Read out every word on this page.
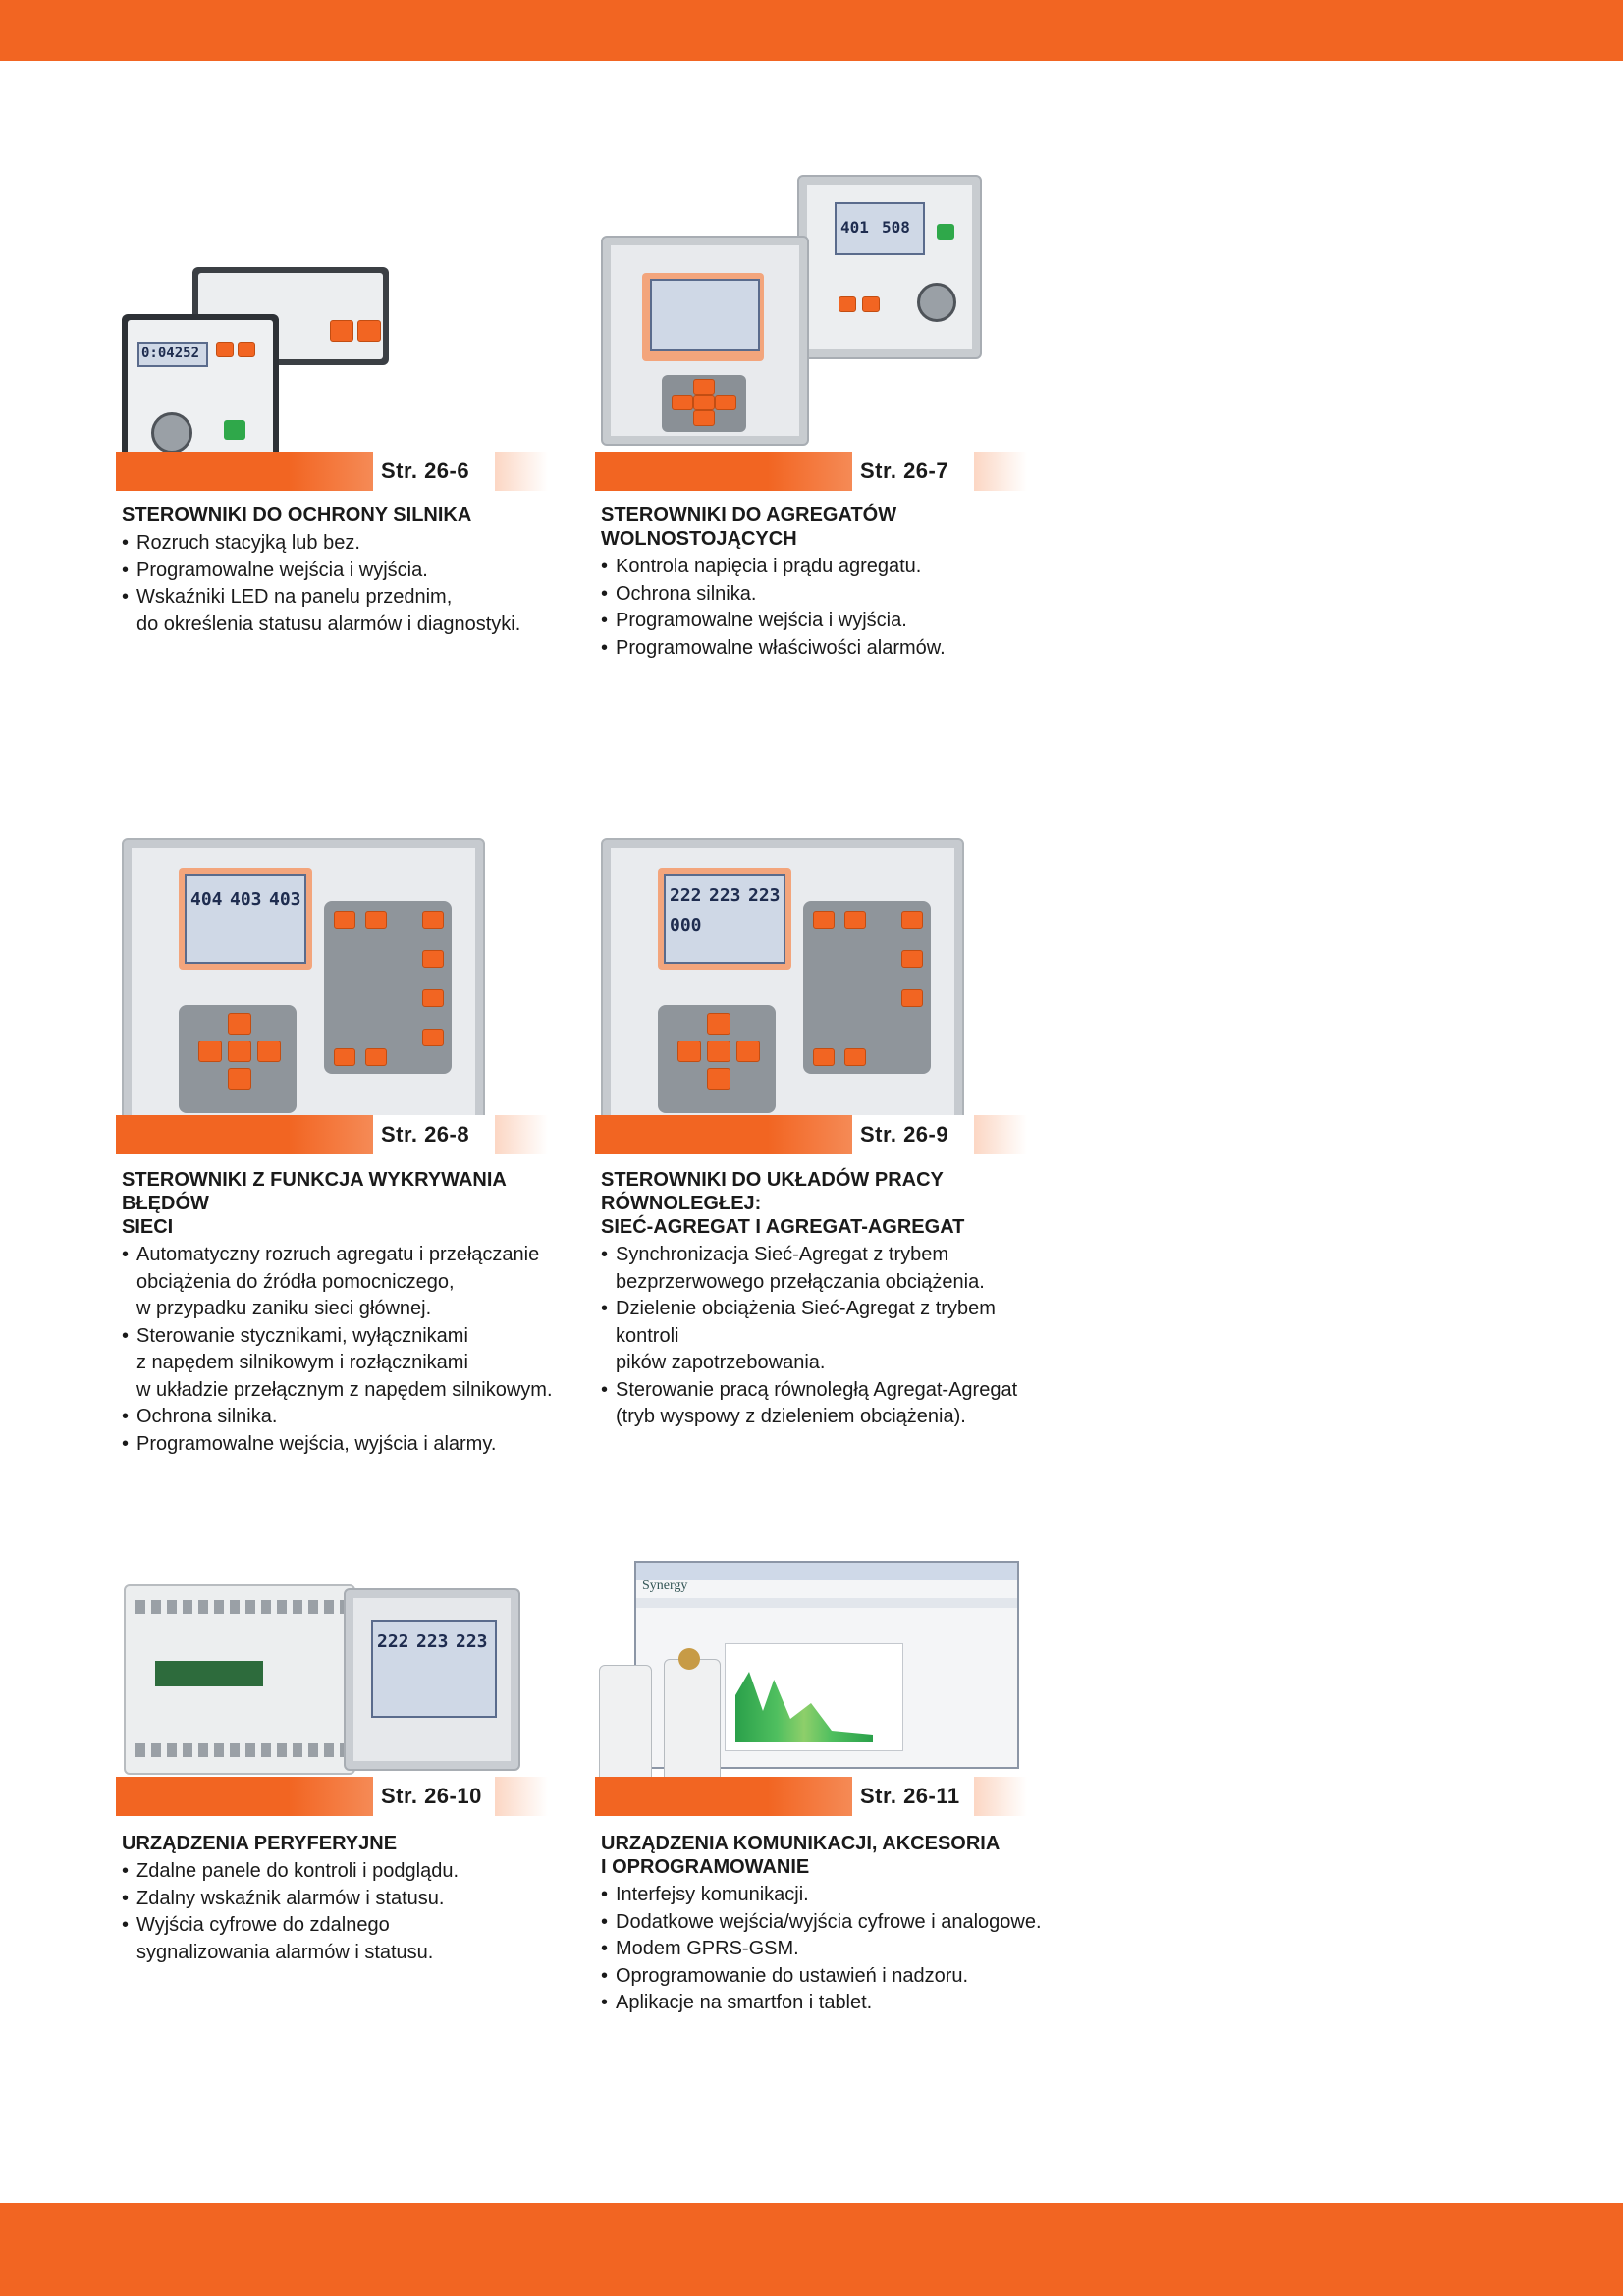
0:04252
Str. 26-6
STEROWNIKI DO OCHRONY SILNIKA
• Rozruch stacyjką lub bez.
• Programowalne wejścia i wyjścia.
• Wskaźniki LED na panelu przednim,
do określenia statusu alarmów i diagnostyki.
401 508
Str. 26-7
STEROWNIKI DO AGREGATÓW WOLNOSTOJĄCYCH
• Kontrola napięcia i prądu agregatu.
• Ochrona silnika.
• Programowalne wejścia i wyjścia.
• Programowalne właściwości alarmów.
404 403 403
Str. 26-8
STEROWNIKI Z FUNKCJA WYKRYWANIA BŁĘDÓW
SIECI
• Automatyczny rozruch agregatu i przełączanie
obciążenia do źródła pomocniczego,
w przypadku zaniku sieci głównej.
• Sterowanie stycznikami, wyłącznikami
z napędem silnikowym i rozłącznikami
w układzie przełącznym z napędem silnikowym.
• Ochrona silnika.
• Programowalne wejścia, wyjścia i alarmy.
222 223 223
000
Str. 26-9
STEROWNIKI DO UKŁADÓW PRACY RÓWNOLEGŁEJ:
SIEĆ-AGREGAT I AGREGAT-AGREGAT
• Synchronizacja Sieć-Agregat z trybem
bezprzerwowego przełączania obciążenia.
• Dzielenie obciążenia Sieć-Agregat z trybem kontroli
pików zapotrzebowania.
• Sterowanie pracą równoległą Agregat-Agregat
(tryb wyspowy z dzieleniem obciążenia).
222 223 223
Str. 26-10
URZĄDZENIA PERYFERYJNE
• Zdalne panele do kontroli i podglądu.
• Zdalny wskaźnik alarmów i statusu.
• Wyjścia cyfrowe do zdalnego
sygnalizowania alarmów i statusu.
Synergy
Str. 26-11
URZĄDZENIA KOMUNIKACJI, AKCESORIA
I OPROGRAMOWANIE
• Interfejsy komunikacji.
• Dodatkowe wejścia/wyjścia cyfrowe i analogowe.
• Modem GPRS-GSM.
• Oprogramowanie do ustawień i nadzoru.
• Aplikacje na smartfon i tablet.
